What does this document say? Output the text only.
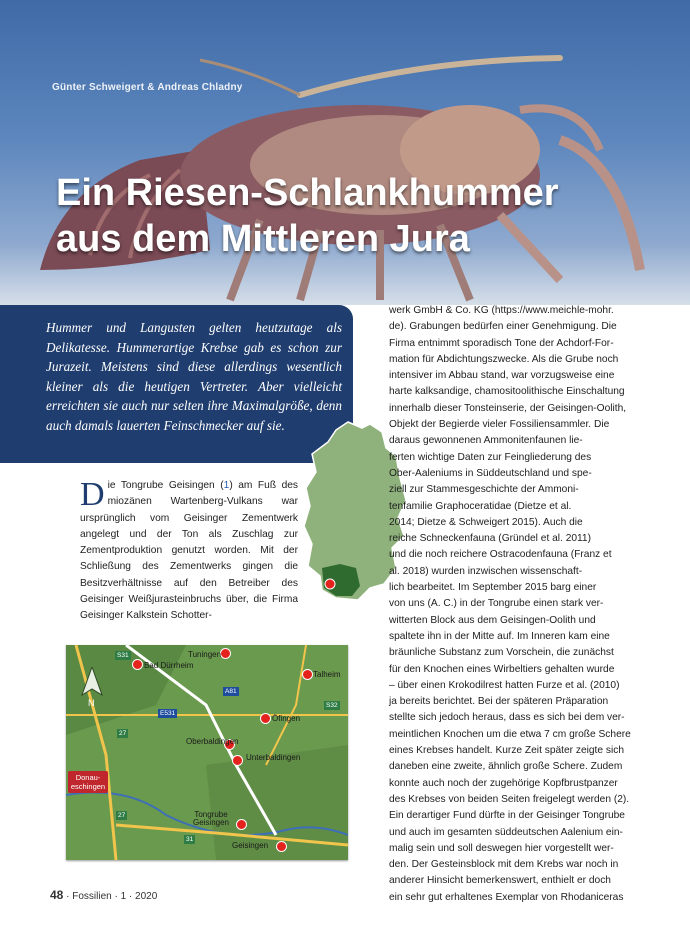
Günter Schweigert & Andreas Chladny
Ein Riesen-Schlankhummer
aus dem Mittleren Jura

Hummer und Langusten gelten heutzutage als Delikatesse. Hummerartige Krebse gab es schon zur Jurazeit. Meistens sind diese allerdings wesentlich kleiner als die heutigen Vertreter. Aber vielleicht erreichten sie auch nur selten ihre Maximalgröße, denn auch damals lauerten Feinschmecker auf sie.

Die Tongrube Geisingen (1) am Fuß des miozänen Wartenberg-Vulkans war ursprünglich vom Geisinger Zementwerk angelegt und der Ton als Zuschlag zur Zementproduktion genutzt worden. Mit der Schließung des Zementwerks gingen die Besitzverhältnisse auf den Betreiber des Geisinger Weißjurasteinbruchs über, die Firma Geisinger Kalkstein Schotter-
werk GmbH & Co. KG (https://www.meichle-mohr.
de). Grabungen bedürfen einer Genehmigung. Die
Firma entnimmt sporadisch Tone der Achdorf-For-
mation für Abdichtungszwecke. Als die Grube noch
intensiver im Abbau stand, war vorzugsweise eine
harte kalksandige, chamositoolithische Einschaltung
innerhalb dieser Tonsteinserie, der Geisingen-Oolith,
Objekt der Begierde vieler Fossiliensammler. Die
daraus gewonnenen Ammonitenfaunen lie-
ferten wichtige Daten zur Feingliederung des
Ober-Aaleniums in Süddeutschland und spe-
ziell zur Stammesgeschichte der Ammoni-
tenfamilie Graphoceratidae (Dietze et al.
2014; Dietze & Schweigert 2015). Auch die
reiche Schneckenfauna (Gründel et al. 2011)
und die noch reichere Ostracodenfauna (Franz et
al. 2018) wurden inzwischen wissenschaft-
lich bearbeitet. Im September 2015 barg einer
von uns (A. C.) in der Tongrube einen stark ver-
witterten Block aus dem Geisingen-Oolith und
spaltete ihn in der Mitte auf. Im Inneren kam eine
bräunliche Substanz zum Vorschein, die zunächst
für den Knochen eines Wirbeltiers gehalten wurde
– über einen Krokodilrest hatten Furze et al. (2010)
ja bereits berichtet. Bei der späteren Präparation
stellte sich jedoch heraus, dass es sich bei dem ver-
meintlichen Knochen um die etwa 7 cm große Schere
eines Krebses handelt. Kurze Zeit später zeigte sich
daneben eine zweite, ähnlich große Schere. Zudem
konnte auch noch der zugehörige Kopfbrustpanzer
des Krebses von beiden Seiten freigelegt werden (2).
Ein derartiger Fund dürfte in der Geisinger Tongrube
und auch im gesamten süddeutschen Aalenium ein-
malig sein und soll deswegen hier vorgestellt wer-
den. Der Gesteinsblock mit dem Krebs war noch in
anderer Hinsicht bemerkenswert, enthielt er doch
ein sehr gut erhaltenes Exemplar von Rhodaniceras
N
S31
S32
A81
E531
27
27
31
Tuningen
Bad Dürrheim
Talheim
Öfingen
Oberbaldingen
Unterbaldingen
Tongrube Geisingen
Geisingen
Donau-eschingen
48 · Fossilien · 1 · 2020
